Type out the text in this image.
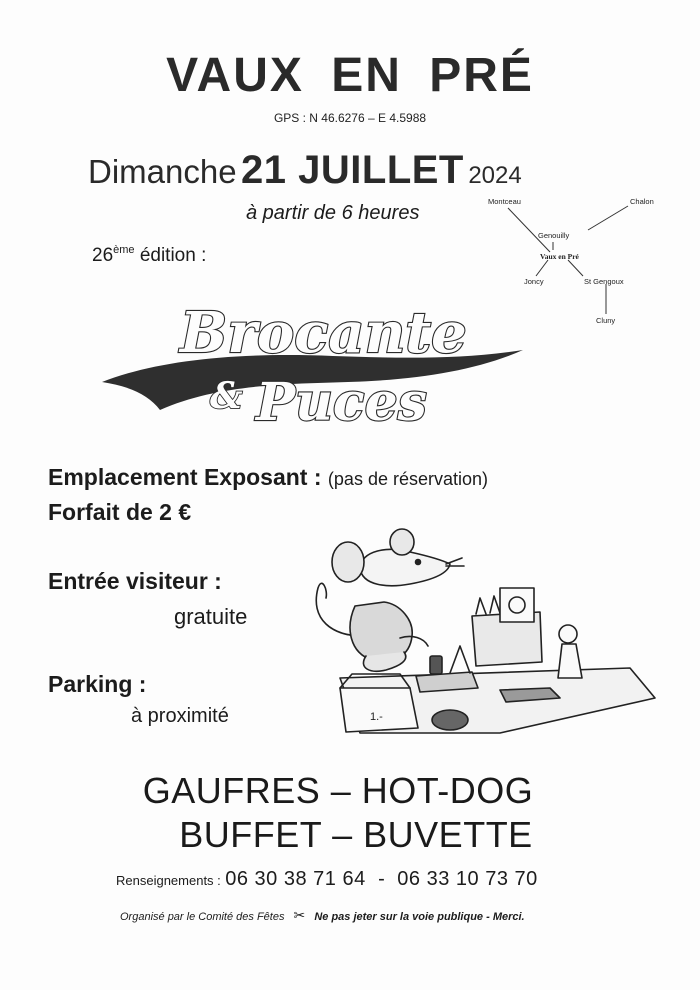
VAUX EN PRÉ
GPS : N 46.6276 – E 4.5988
Dimanche 21 JUILLET 2024
à partir de 6 heures
26ème édition :
Montceau	Chalon
Genouilly
Vaux en Pré
Joncy	St Gengoux
Cluny
Brocante
& Puces
Emplacement Exposant : (pas de réservation)
Forfait de 2 €
Entrée visiteur :
gratuite
Parking :
à proximité	1.-
GAUFRES – HOT-DOG
BUFFET – BUVETTE
Renseignements : 06 30 38 71 64 - 06 33 10 73 70
Organisé par le Comité des Fêtes ✂ Ne pas jeter sur la voie publique - Merci.
